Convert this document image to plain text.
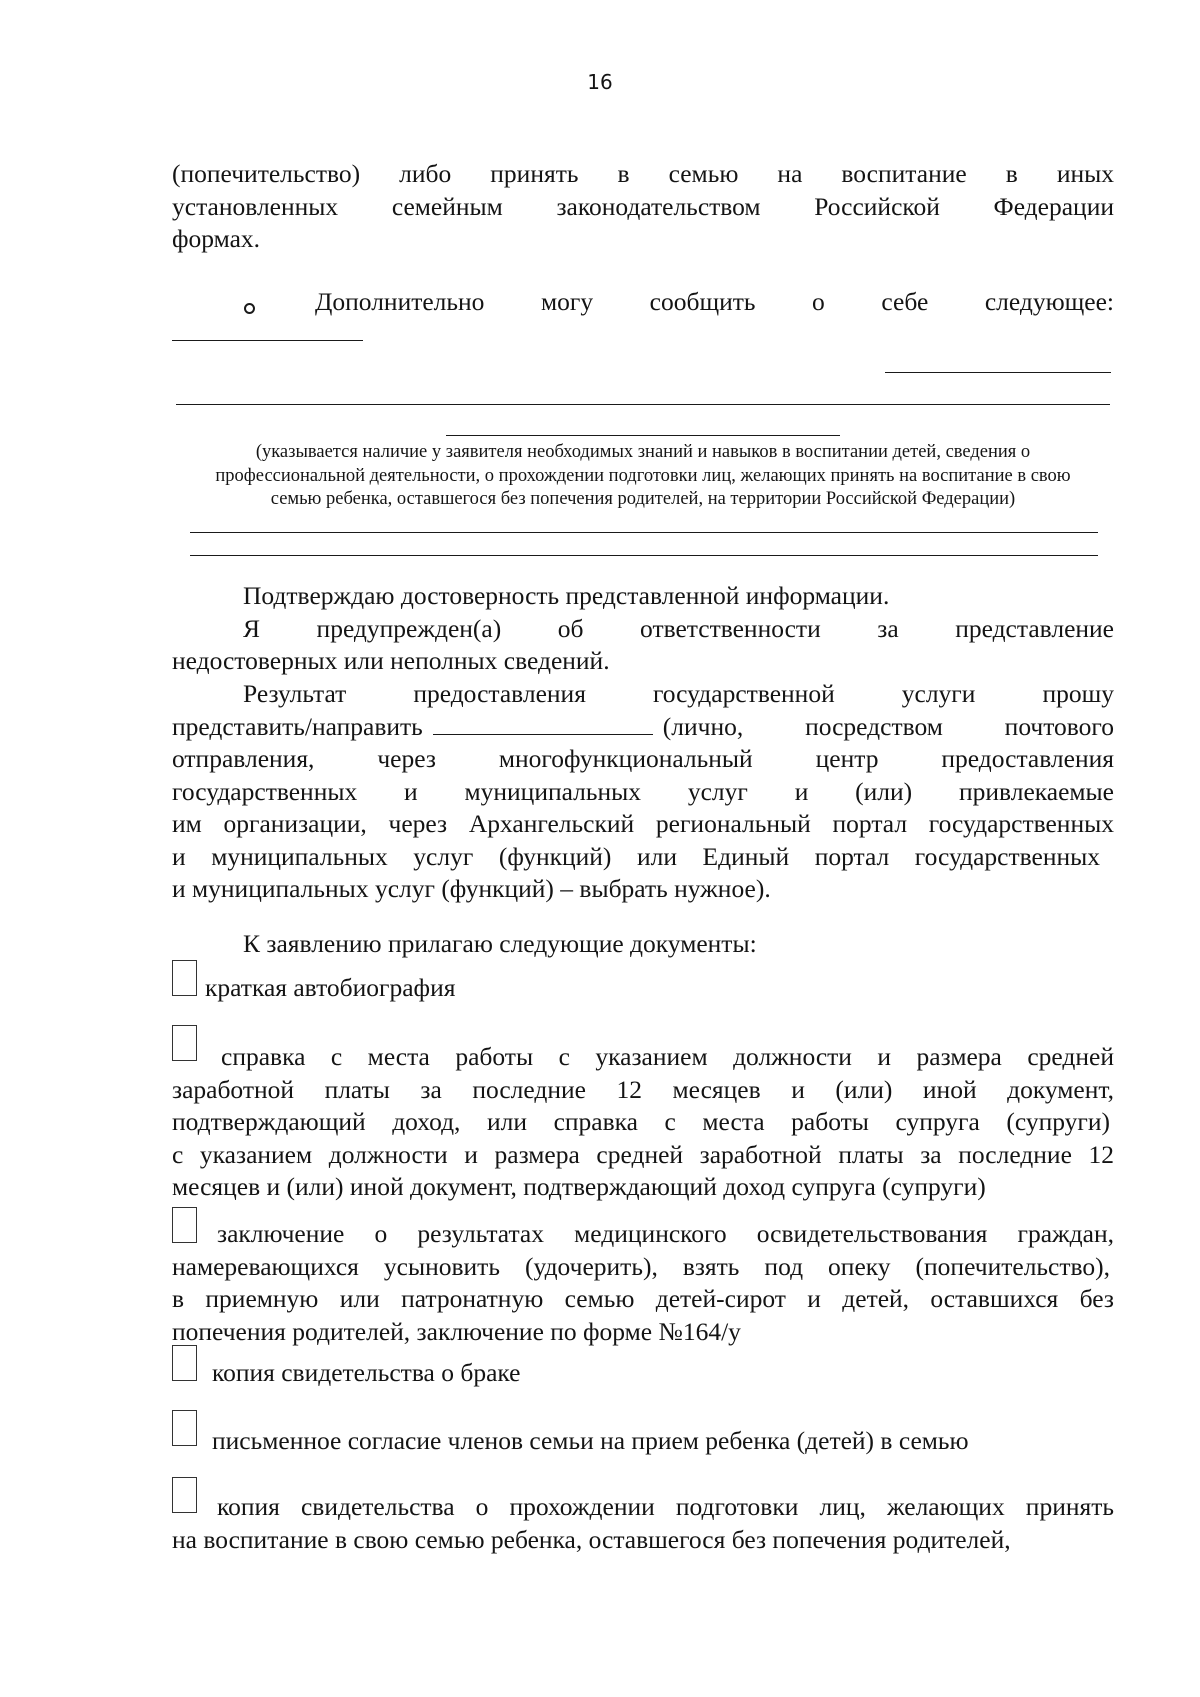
16
(попечительство) либо принять в семью на воспитание в иных
установленных семейным законодательством Российской Федерации
формах.
Дополнительно могу сообщить о себе следующее:
(указывается наличие у заявителя необходимых знаний и навыков в воспитании детей, сведения о
профессиональной деятельности, о прохождении подготовки лиц, желающих принять на воспитание в свою
семью ребенка, оставшегося без попечения родителей, на территории Российской Федерации)
Подтверждаю достоверность представленной информации.
Я предупрежден(а) об ответственности за представление
недостоверных или неполных сведений.
Результат предоставления государственной услуги прошу
представить/направить	(лично, посредством почтового
отправления, через многофункциональный центр предоставления
государственных и муниципальных услуг и (или) привлекаемые
им организации, через Архангельский региональный портал государственных
и муниципальных услуг (функций) или Единый портал государственных
и муниципальных услуг (функций) – выбрать нужное).
К заявлению прилагаю следующие документы:
краткая автобиография
справка с места работы с указанием должности и размера средней
заработной платы за последние 12 месяцев и (или) иной документ,
подтверждающий доход, или справка с места работы супруга (супруги)
с указанием должности и размера средней заработной платы за последние 12
месяцев и (или) иной документ, подтверждающий доход супруга (супруги)
заключение о результатах медицинского освидетельствования граждан,
намеревающихся усыновить (удочерить), взять под опеку (попечительство),
в приемную или патронатную семью детей-сирот и детей, оставшихся без
попечения родителей, заключение по форме №164/у
копия свидетельства о браке
письменное согласие членов семьи на прием ребенка (детей) в семью
копия свидетельства о прохождении подготовки лиц, желающих принять
на воспитание в свою семью ребенка, оставшегося без попечения родителей,
